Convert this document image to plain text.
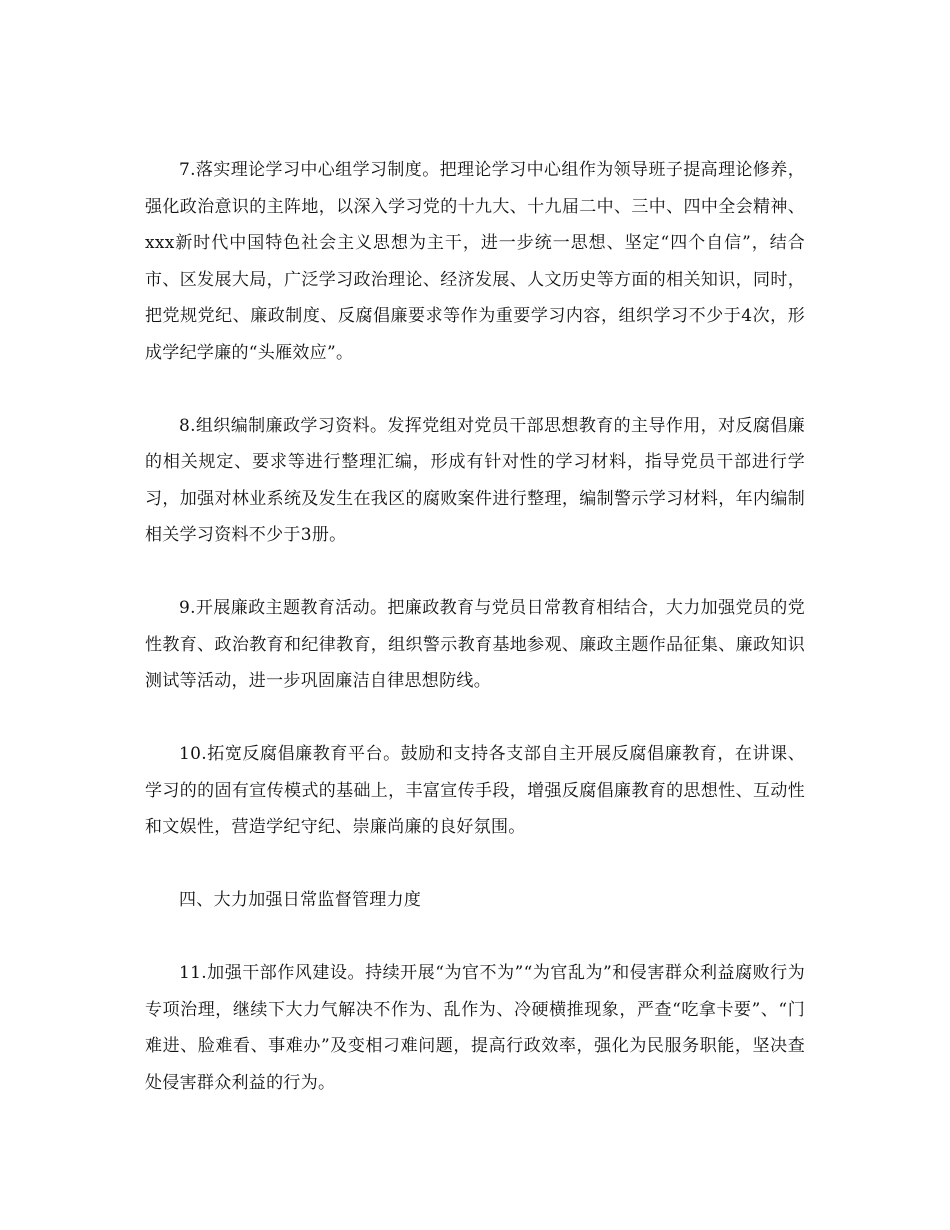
7.落实理论学习中心组学习制度。把理论学习中心组作为领导班子提高理论修养，强化政治意识的主阵地，以深入学习党的十九大、十九届二中、三中、四中全会精神、xxx新时代中国特色社会主义思想为主干，进一步统一思想、坚定“四个自信”，结合市、区发展大局，广泛学习政治理论、经济发展、人文历史等方面的相关知识，同时，把党规党纪、廉政制度、反腐倡廉要求等作为重要学习内容，组织学习不少于4次，形成学纪学廉的“头雁效应”。

8.组织编制廉政学习资料。发挥党组对党员干部思想教育的主导作用，对反腐倡廉的相关规定、要求等进行整理汇编，形成有针对性的学习材料，指导党员干部进行学习，加强对林业系统及发生在我区的腐败案件进行整理，编制警示学习材料，年内编制相关学习资料不少于3册。

9.开展廉政主题教育活动。把廉政教育与党员日常教育相结合，大力加强党员的党性教育、政治教育和纪律教育，组织警示教育基地参观、廉政主题作品征集、廉政知识测试等活动，进一步巩固廉洁自律思想防线。

10.拓宽反腐倡廉教育平台。鼓励和支持各支部自主开展反腐倡廉教育，在讲课、学习的的固有宣传模式的基础上，丰富宣传手段，增强反腐倡廉教育的思想性、互动性和文娱性，营造学纪守纪、崇廉尚廉的良好氛围。

四、大力加强日常监督管理力度

11.加强干部作风建设。持续开展“为官不为”“为官乱为”和侵害群众利益腐败行为专项治理，继续下大力气解决不作为、乱作为、冷硬横推现象，严查“吃拿卡要”、“门难进、脸难看、事难办”及变相刁难问题，提高行政效率，强化为民服务职能，坚决查处侵害群众利益的行为。
